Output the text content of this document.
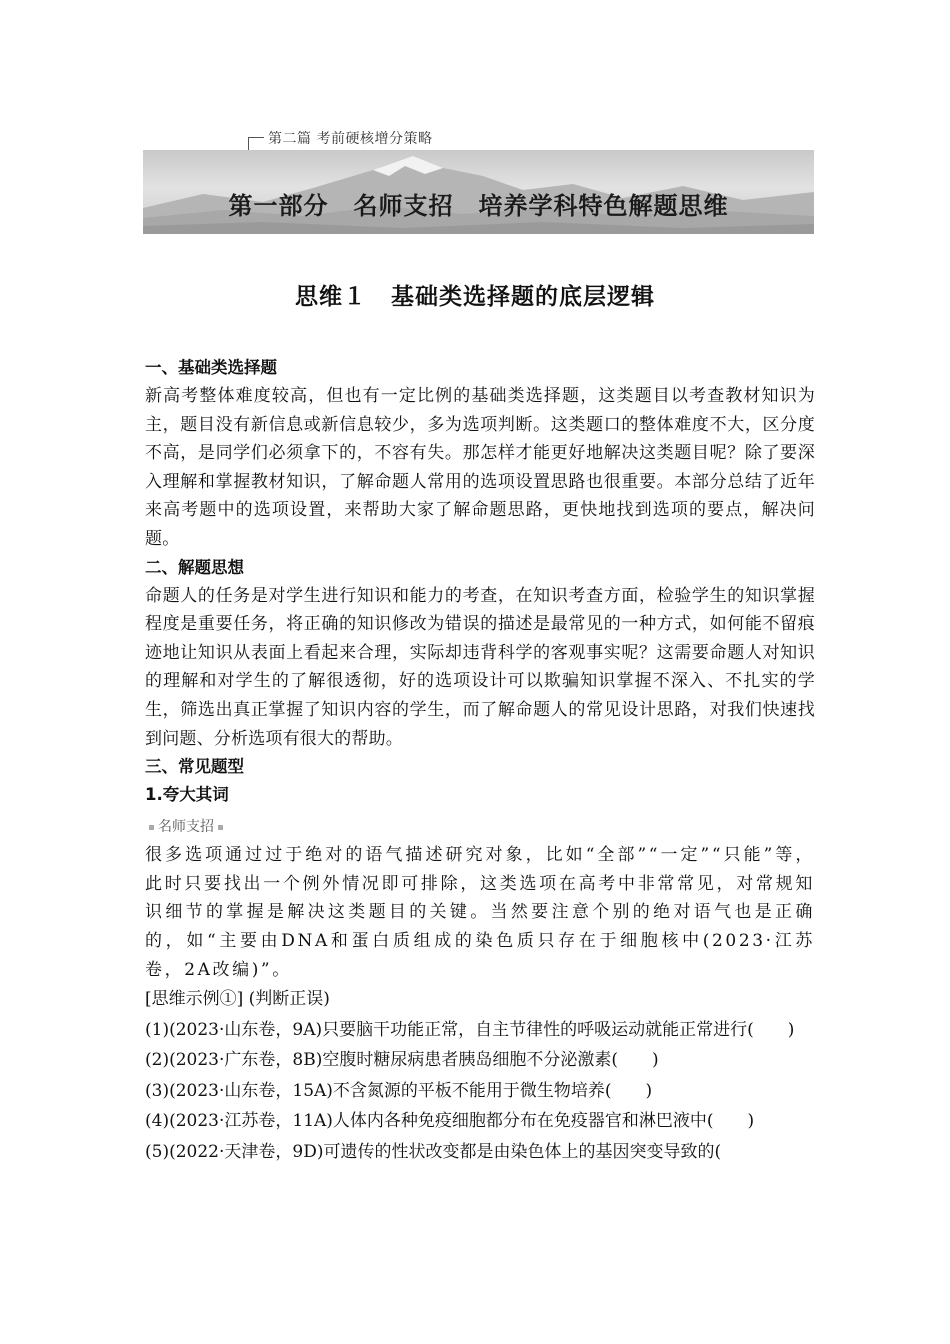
第二篇 考前硬核增分策略
第一部分　名师支招　培养学科特色解题思维
思维１　基础类选择题的底层逻辑

一、基础类选择题

新高考整体难度较高，但也有一定比例的基础类选择题，这类题目以考查教材知识为主，题目没有新信息或新信息较少，多为选项判断。这类题口的整体难度不大，区分度不高，是同学们必须拿下的，不容有失。那怎样才能更好地解决这类题目呢？除了要深入理解和掌握教材知识，了解命题人常用的选项设置思路也很重要。本部分总结了近年来高考题中的选项设置，来帮助大家了解命题思路，更快地找到选项的要点，解决问题。

二、解题思想

命题人的任务是对学生进行知识和能力的考查，在知识考查方面，检验学生的知识掌握程度是重要任务，将正确的知识修改为错误的描述是最常见的一种方式，如何能不留痕迹地让知识从表面上看起来合理，实际却违背科学的客观事实呢？这需要命题人对知识的理解和对学生的了解很透彻，好的选项设计可以欺骗知识掌握不深入、不扎实的学生，筛选出真正掌握了知识内容的学生，而了解命题人的常见设计思路，对我们快速找到问题、分析选项有很大的帮助。

三、常见题型

1.夸大其词

名师支招

很多选项通过过于绝对的语气描述研究对象，比如“全部”“一定”“只能”等，此时只要找出一个例外情况即可排除，这类选项在高考中非常常见，对常规知识细节的掌握是解决这类题目的关键。当然要注意个别的绝对语气也是正确的，如“主要由DNA和蛋白质组成的染色质只存在于细胞核中(2023·江苏卷，2A改编)”。

[思维示例①] (判断正误)

(1)(2023·山东卷，9A)只要脑干功能正常，自主节律性的呼吸运动就能正常进行(　　)

(2)(2023·广东卷，8B)空腹时糖尿病患者胰岛细胞不分泌激素(　　)

(3)(2023·山东卷，15A)不含氮源的平板不能用于微生物培养(　　)

(4)(2023·江苏卷，11A)人体内各种免疫细胞都分布在免疫器官和淋巴液中(　　)

(5)(2022·天津卷，9D)可遗传的性状改变都是由染色体上的基因突变导致的(
